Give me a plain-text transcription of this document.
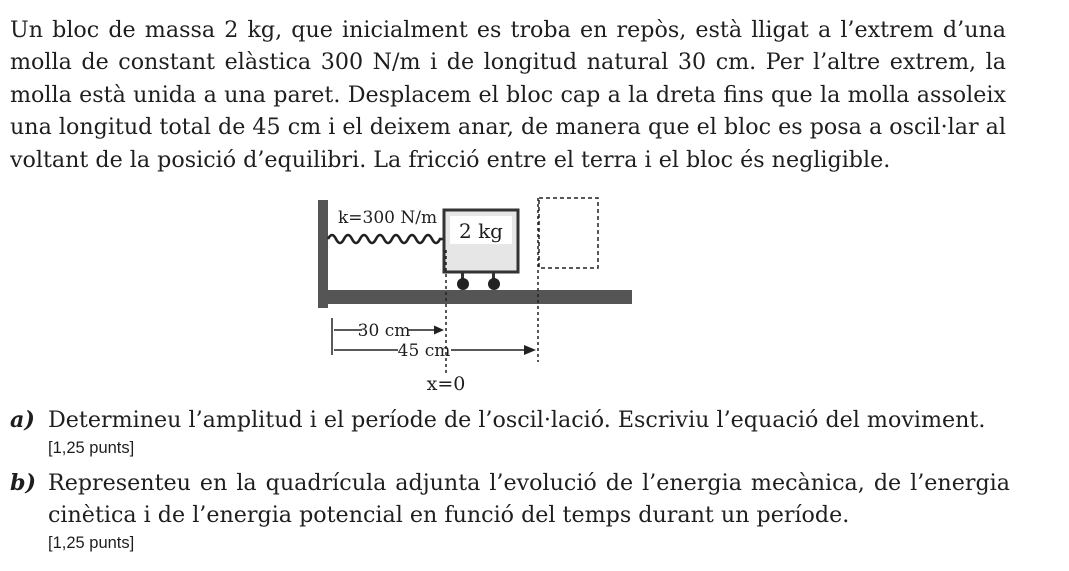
Un bloc de massa 2 kg, que inicialment es troba en repòs, està lligat a l’extrem d’una molla de constant elàstica 300 N/m i de longitud natural 30 cm. Per l’altre extrem, la molla està unida a una paret. Desplacem el bloc cap a la dreta fins que la molla assoleix una longitud total de 45 cm i el deixem anar, de manera que el bloc es posa a oscil·lar al voltant de la posició d’equilibri. La fricció entre el terra i el bloc és negligible.

k=300 N/m
2 kg
30 cm
45 cm
x=0
a) Determineu l’amplitud i el període de l’oscil·lació. Escriviu l’equació del moviment.
[1,25 punts]
b) Representeu en la quadrícula adjunta l’evolució de l’energia mecànica, de l’energia cinètica i de l’energia potencial en funció del temps durant un període.
[1,25 punts]
